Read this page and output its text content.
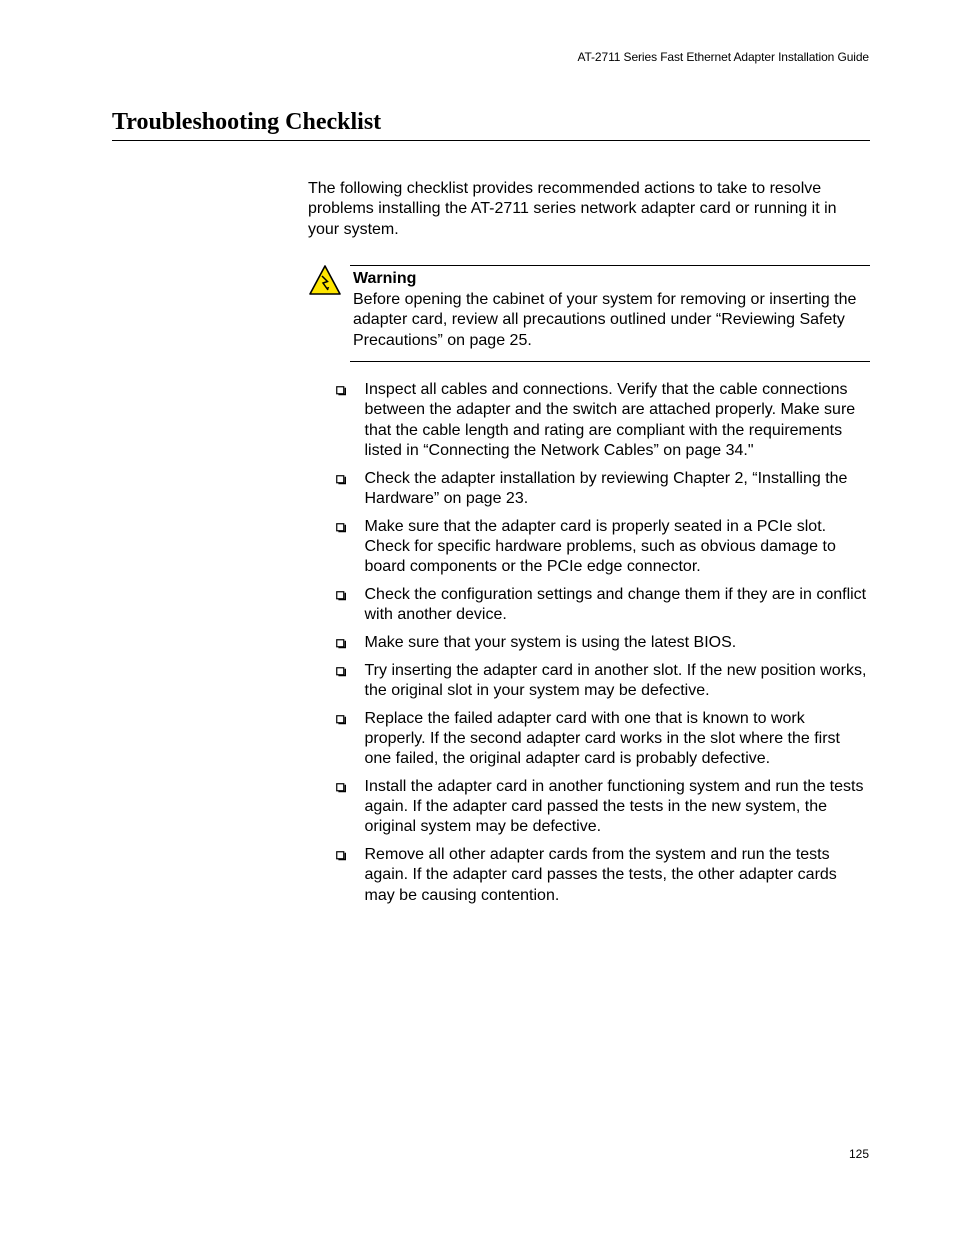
AT-2711 Series Fast Ethernet Adapter Installation Guide
Troubleshooting Checklist

The following checklist provides recommended actions to take to resolve problems installing the AT-2711 series network adapter card or running it in your system.

Warning

Before opening the cabinet of your system for removing or inserting the adapter card, review all precautions outlined under “Reviewing Safety Precautions” on page 25.

Inspect all cables and connections. Verify that the cable connections between the adapter and the switch are attached properly. Make sure that the cable length and rating are compliant with the requirements listed in “Connecting the Network Cables” on page 34."
Check the adapter installation by reviewing Chapter 2, “Installing the Hardware” on page 23.
Make sure that the adapter card is properly seated in a PCIe slot. Check for specific hardware problems, such as obvious damage to board components or the PCIe edge connector.
Check the configuration settings and change them if they are in conflict with another device.
Make sure that your system is using the latest BIOS.
Try inserting the adapter card in another slot. If the new position works, the original slot in your system may be defective.
Replace the failed adapter card with one that is known to work properly. If the second adapter card works in the slot where the first one failed, the original adapter card is probably defective.
Install the adapter card in another functioning system and run the tests again. If the adapter card passed the tests in the new system, the original system may be defective.
Remove all other adapter cards from the system and run the tests again. If the adapter card passes the tests, the other adapter cards may be causing contention.
125
